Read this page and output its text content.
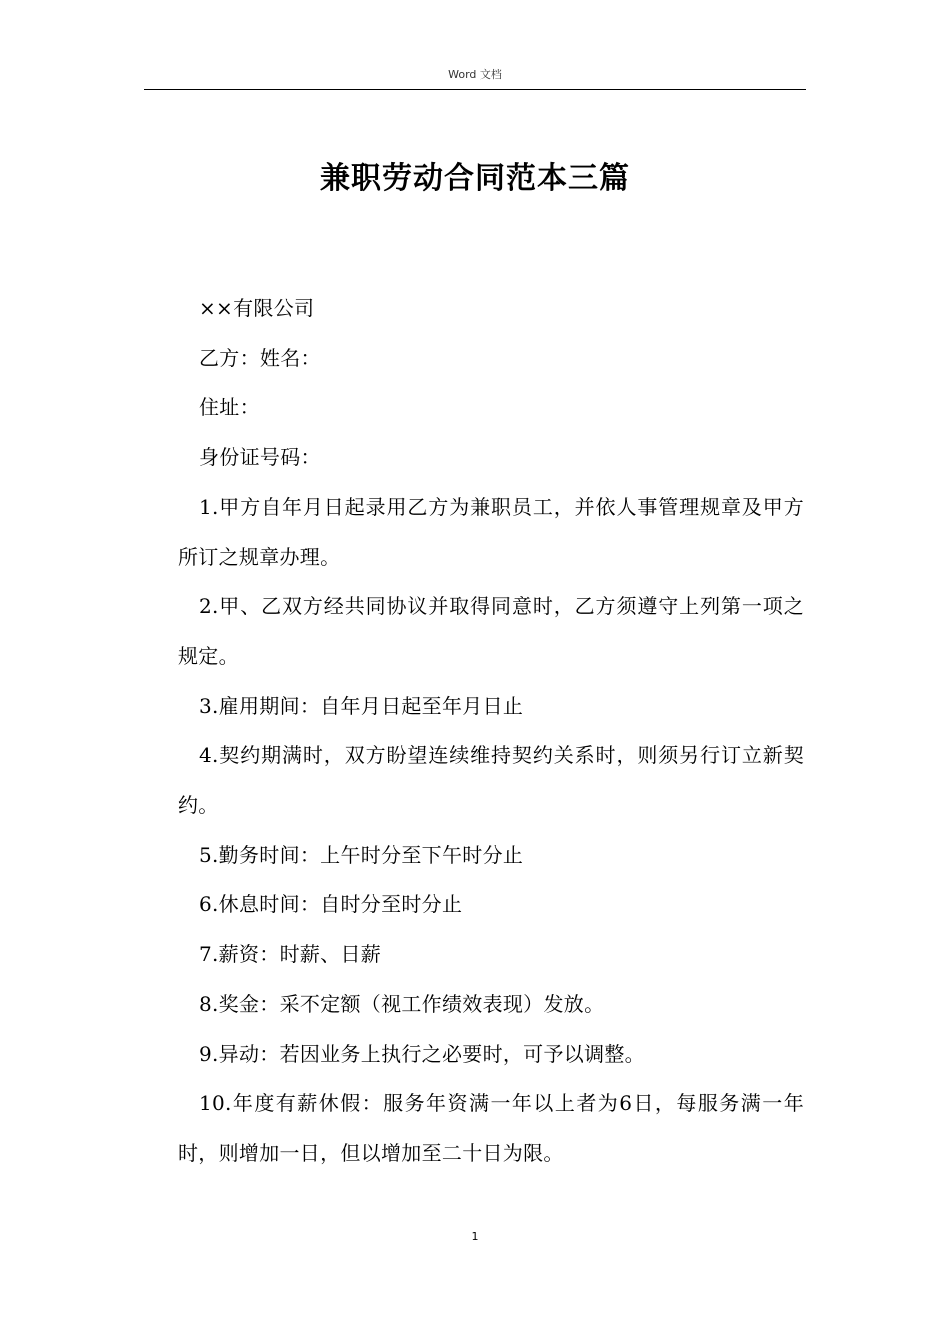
Word 文档
兼职劳动合同范本三篇

××有限公司

乙方：姓名：

住址：

身份证号码：

1.甲方自年月日起录用乙方为兼职员工，并依人事管理规章及甲方所订之规章办理。

2.甲、乙双方经共同协议并取得同意时，乙方须遵守上列第一项之规定。

3.雇用期间：自年月日起至年月日止

4.契约期满时，双方盼望连续维持契约关系时，则须另行订立新契约。

5.勤务时间：上午时分至下午时分止

6.休息时间：自时分至时分止

7.薪资：时薪、日薪

8.奖金：采不定额（视工作绩效表现）发放。

9.异动：若因业务上执行之必要时，可予以调整。

10.年度有薪休假：服务年资满一年以上者为6日，每服务满一年时，则增加一日，但以增加至二十日为限。

1
